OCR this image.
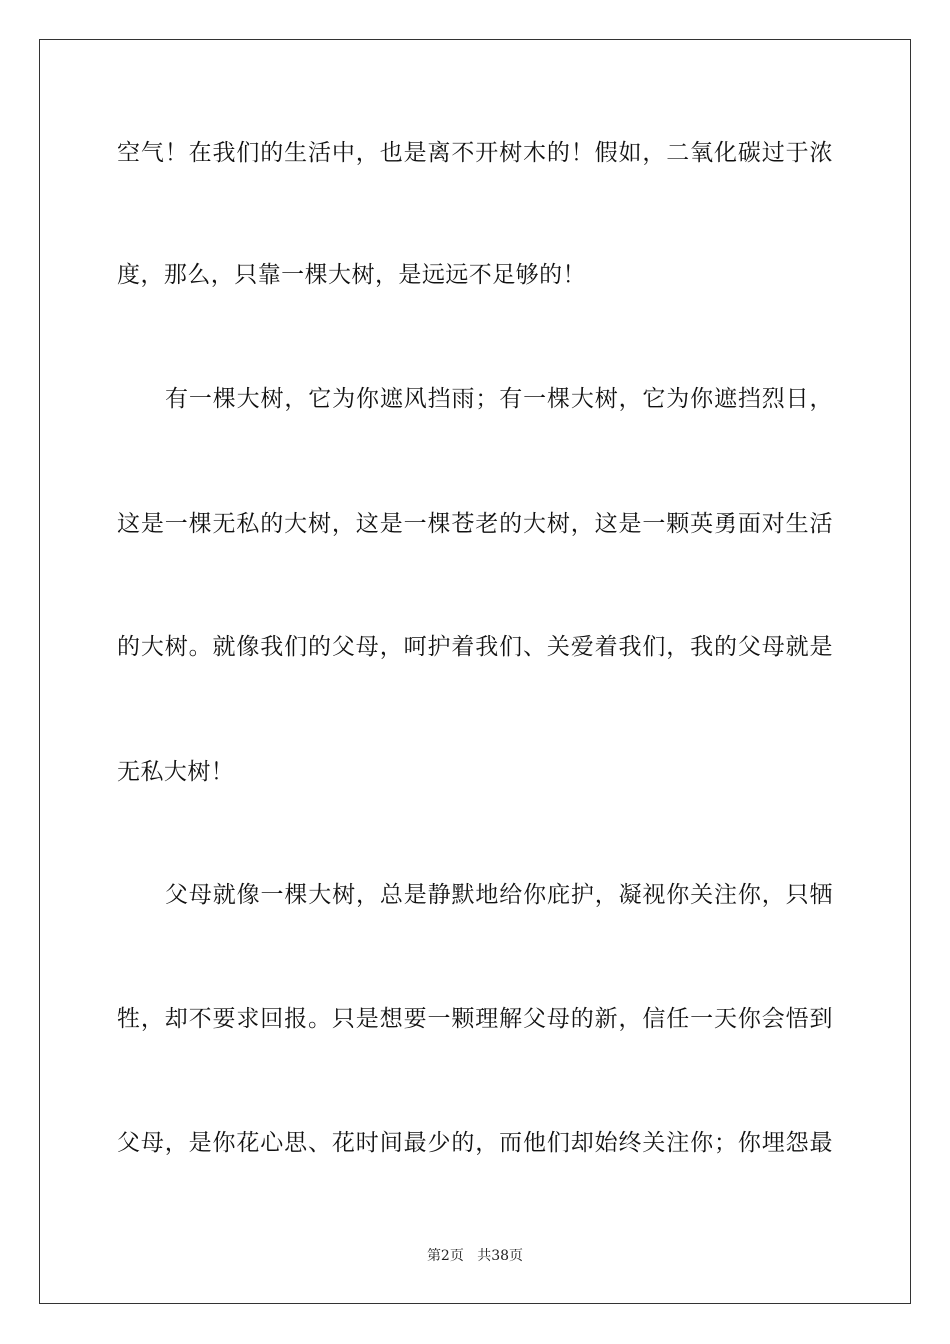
空气！在我们的生活中，也是离不开树木的！假如，二氧化碳过于浓
度，那么，只靠一棵大树，是远远不足够的！
有一棵大树，它为你遮风挡雨；有一棵大树，它为你遮挡烈日，
这是一棵无私的大树，这是一棵苍老的大树，这是一颗英勇面对生活
的大树。就像我们的父母，呵护着我们、关爱着我们，我的父母就是
无私大树！
父母就像一棵大树，总是静默地给你庇护，凝视你关注你，只牺
牲，却不要求回报。只是想要一颗理解父母的新，信任一天你会悟到
父母，是你花心思、花时间最少的，而他们却始终关注你；你埋怨最
第2页 共38页
